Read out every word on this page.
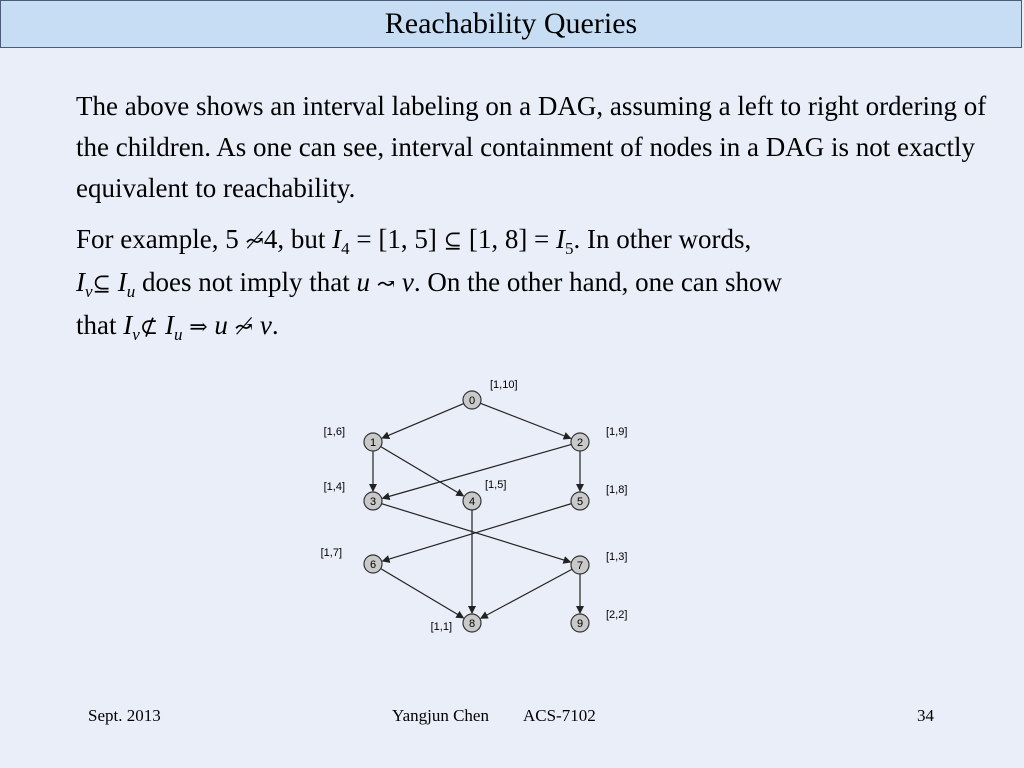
Reachability Queries
The above shows an interval labeling on a DAG, assuming a left to right ordering of the children. As one can see, interval containment of nodes in a DAG is not exactly equivalent to reachability.
For example, 5 ↝̸4, but $I_4 = [1$, 5] ⊆ [1, $8] = I_5$. In other words,
$I_v⊆$ $I_u$ does not imply that u ↝ v. On the other hand, one can show
that $I_v⊄$ $I_u$ ⇒ u ↝̸ v.
0
[1,10]
1
[1,6]
2
[1,9]
3
[1,4]
4
[1,5]
5
[1,8]
6
[1,7]
7
[1,3]
8
[1,1]	9
[2,2]
Sept. 2013	Yangjun Chen ACS-7102	34
